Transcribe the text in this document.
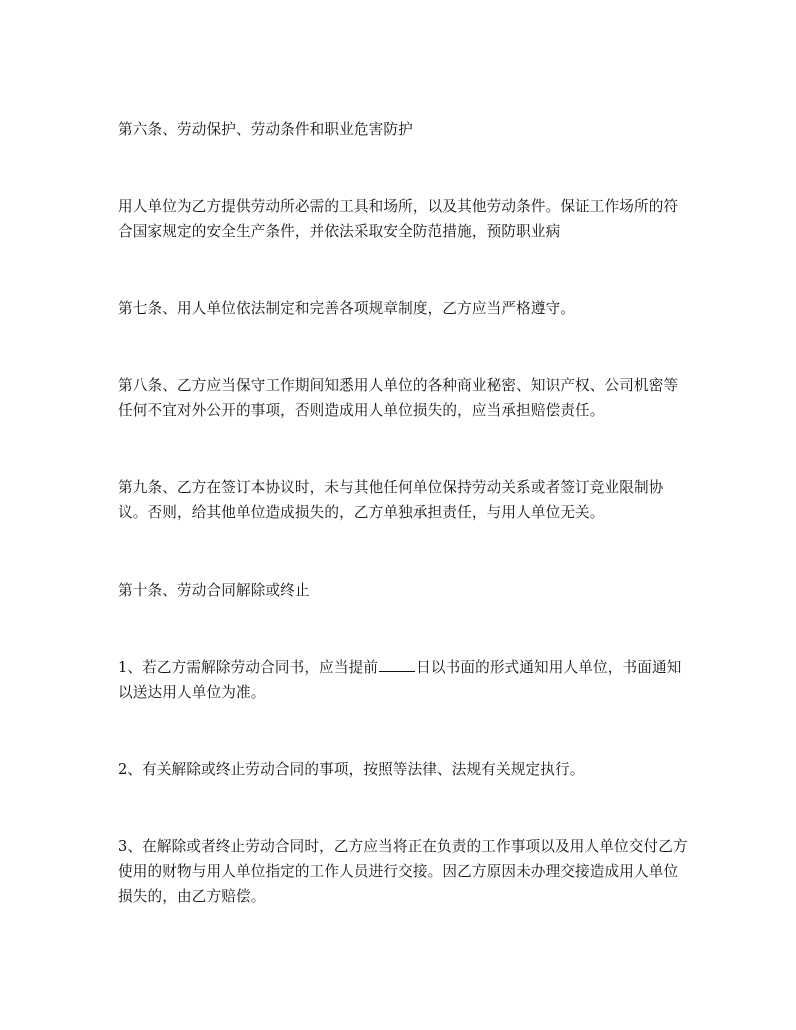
第六条、劳动保护、劳动条件和职业危害防护

用人单位为乙方提供劳动所必需的工具和场所，以及其他劳动条件。保证工作场所的符合国家规定的安全生产条件，并依法采取安全防范措施，预防职业病

第七条、用人单位依法制定和完善各项规章制度，乙方应当严格遵守。

第八条、乙方应当保守工作期间知悉用人单位的各种商业秘密、知识产权、公司机密等任何不宜对外公开的事项，否则造成用人单位损失的，应当承担赔偿责任。

第九条、乙方在签订本协议时，未与其他任何单位保持劳动关系或者签订竞业限制协议。否则，给其他单位造成损失的，乙方单独承担责任，与用人单位无关。

第十条、劳动合同解除或终止

1、若乙方需解除劳动合同书，应当提前	日以书面的形式通知用人单位，书面通知以送达用人单位为准。

2、有关解除或终止劳动合同的事项，按照等法律、法规有关规定执行。

3、在解除或者终止劳动合同时，乙方应当将正在负责的工作事项以及用人单位交付乙方使用的财物与用人单位指定的工作人员进行交接。因乙方原因未办理交接造成用人单位损失的，由乙方赔偿。
